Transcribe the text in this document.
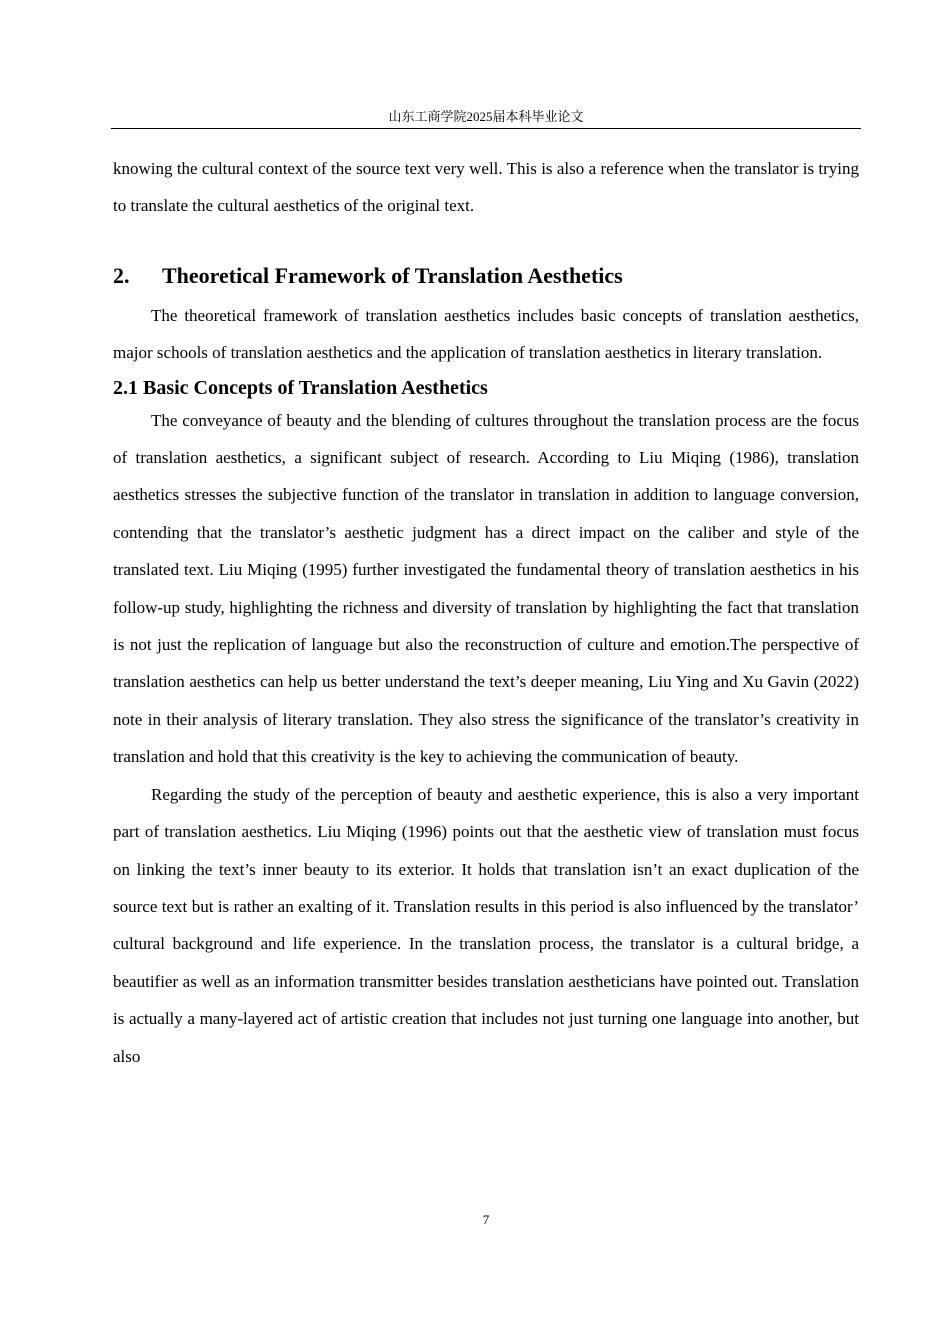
山东工商学院2025届本科毕业论文

knowing the cultural context of the source text very well. This is also a reference when the translator is trying to translate the cultural aesthetics of the original text.

2. Theoretical Framework of Translation Aesthetics

The theoretical framework of translation aesthetics includes basic concepts of translation aesthetics, major schools of translation aesthetics and the application of translation aesthetics in literary translation.

2.1 Basic Concepts of Translation Aesthetics

The conveyance of beauty and the blending of cultures throughout the translation process are the focus of translation aesthetics, a significant subject of research. According to Liu Miqing (1986), translation aesthetics stresses the subjective function of the translator in translation in addition to language conversion, contending that the translator’s aesthetic judgment has a direct impact on the caliber and style of the translated text. Liu Miqing (1995) further investigated the fundamental theory of translation aesthetics in his follow-up study, highlighting the richness and diversity of translation by highlighting the fact that translation is not just the replication of language but also the reconstruction of culture and emotion.The perspective of translation aesthetics can help us better understand the text’s deeper meaning, Liu Ying and Xu Gavin (2022) note in their analysis of literary translation. They also stress the significance of the translator’s creativity in translation and hold that this creativity is the key to achieving the communication of beauty.

Regarding the study of the perception of beauty and aesthetic experience, this is also a very important part of translation aesthetics. Liu Miqing (1996) points out that the aesthetic view of translation must focus on linking the text’s inner beauty to its exterior. It holds that translation isn’t an exact duplication of the source text but is rather an exalting of it. Translation results in this period is also influenced by the translator’ cultural background and life experience. In the translation process, the translator is a cultural bridge, a beautifier as well as an information transmitter besides translation aestheticians have pointed out. Translation is actually a many-layered act of artistic creation that includes not just turning one language into another, but also

7
